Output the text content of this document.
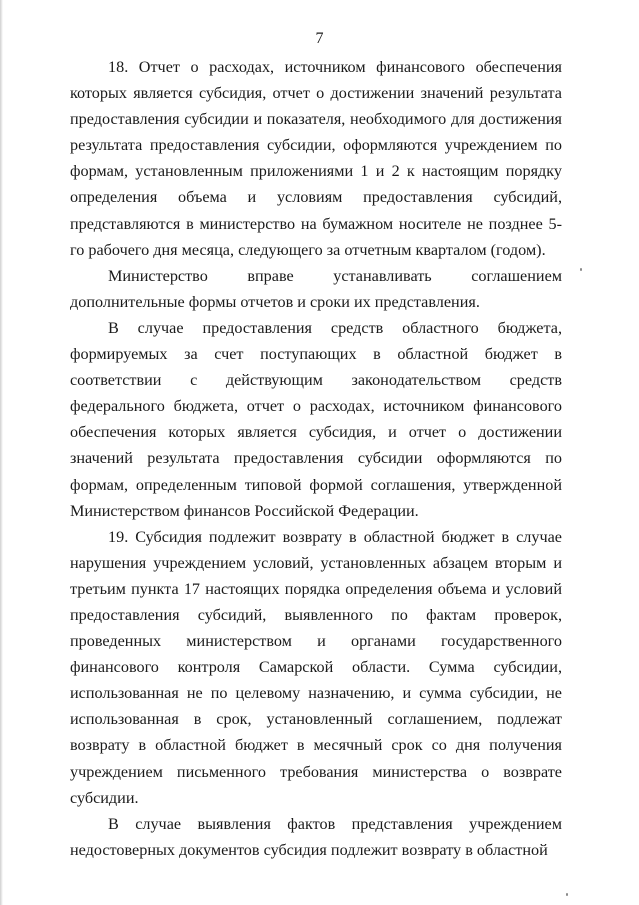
7

18. Отчет о расходах, источником финансового обеспечения которых является субсидия, отчет о достижении значений результата предоставления субсидии и показателя, необходимого для достижения результата предоставления субсидии, оформляются учреждением по формам, установленным приложениями 1 и 2 к настоящим порядку определения объема и условиям предоставления субсидий, представляются в министерство на бумажном носителе не позднее 5-го рабочего дня месяца, следующего за отчетным кварталом (годом).

Министерство вправе устанавливать соглашением дополнительные формы отчетов и сроки их представления.

В случае предоставления средств областного бюджета, формируемых за счет поступающих в областной бюджет в соответствии с действующим законодательством средств федерального бюджета, отчет о расходах, источником финансового обеспечения которых является субсидия, и отчет о достижении значений результата предоставления субсидии оформляются по формам, определенным типовой формой соглашения, утвержденной Министерством финансов Российской Федерации.

19. Субсидия подлежит возврату в областной бюджет в случае нарушения учреждением условий, установленных абзацем вторым и третьим пункта 17 настоящих порядка определения объема и условий предоставления субсидий, выявленного по фактам проверок, проведенных министерством и органами государственного финансового контроля Самарской области. Сумма субсидии, использованная не по целевому назначению, и сумма субсидии, не использованная в срок, установленный соглашением, подлежат возврату в областной бюджет в месячный срок со дня получения учреждением письменного требования министерства о возврате субсидии.

В случае выявления фактов представления учреждением недостоверных документов субсидия подлежит возврату в областной
